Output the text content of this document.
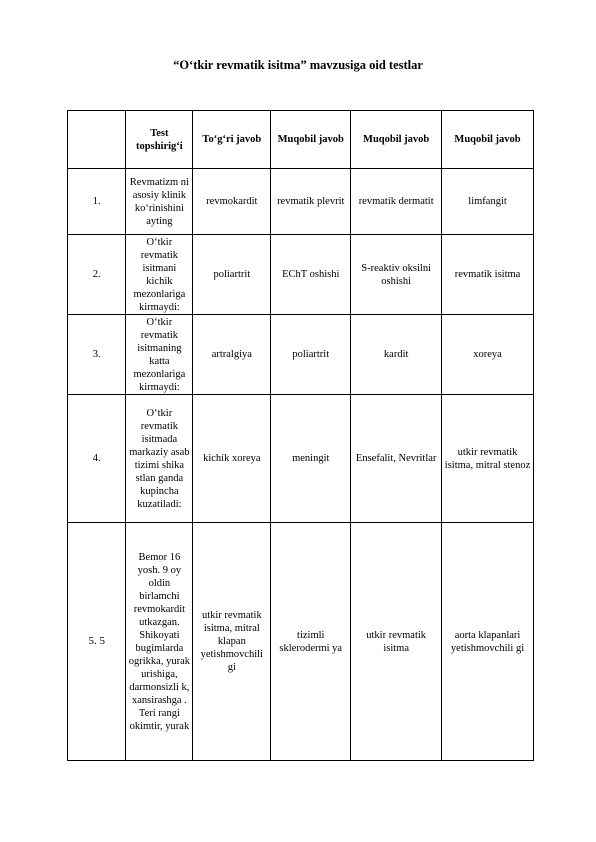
“O‘tkir revmatik isitma” mavzusiga oid testlar
	Test topshirig‘i	To‘g‘ri javob	Muqobil javob	Muqobil javob	Muqobil javob
1.	Revmatizm ni asosiy klinik ko‘rinishini ayting	revmokardit	revmatik plevrit	revmatik dermatit	limfangit
2.	O‘tkir revmatik isitmani kichik mezonlariga kirmaydi:	poliartrit	EChT oshishi	S-reaktiv oksilni oshishi	revmatik isitma
3.	O‘tkir revmatik isitmaning katta mezonlariga kirmaydi:	artralgiya	poliartrit	kardit	xoreya
4.	O‘tkir revmatik isitmada markaziy asab tizimi shika stlan ganda kupincha kuzatiladi:	kichik xoreya	meningit	Ensefalit, Nevritlar	utkir revmatik isitma, mitral stenoz
5. 5	Bemor 16 yosh. 9 oy oldin birlamchi revmokardit utkazgan. Shikoyati bugimlarda ogrikka, yurak urishiga, darmonsizli k, xansirashga . Teri rangi okimtir, yurak	utkir revmatik isitma, mitral klapan yetishmovchili gi	tizimli sklerodermi ya	utkir revmatik isitma	aorta klapanlari yetishmovchili gi
